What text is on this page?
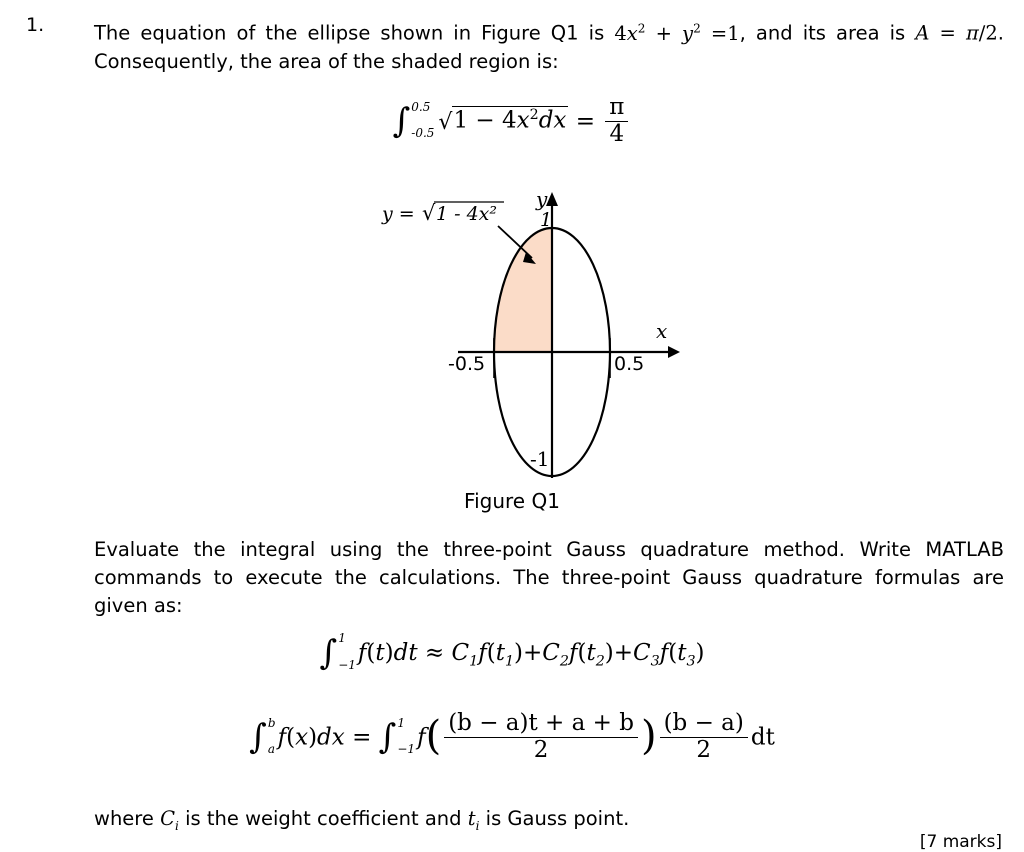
1.	The equation of the ellipse shown in Figure Q1 is $4x^2 + y^2 =1$, and its area is A = π∕2. Consequently, the area of the shaded region is:
∫ 0.5
-0.5 $√1 - 4x^2dx = \frac{\pi}{4}$
1
-1
-0.5	0.5
x
y
y = √ 1 - 4x²
Figure Q1
Evaluate the integral using the three-point Gauss quadrature method. Write MATLAB commands to execute the calculations. The three-point Gauss quadrature formulas are given as:
∫ 1
−1 $f(t)dt \approx C_1f(t_1)+C_2f(t_2)+C_3f(t_3)$
∫ b
a f(x)dx = ∫ 1
−1 $f( \frac{(b - a)t + a + b}{2}$ ) $\frac{(b - a)}{2}$ dt
where $C_i$ is the weight coefficient and $t_i$ is Gauss point.
[7 marks]
